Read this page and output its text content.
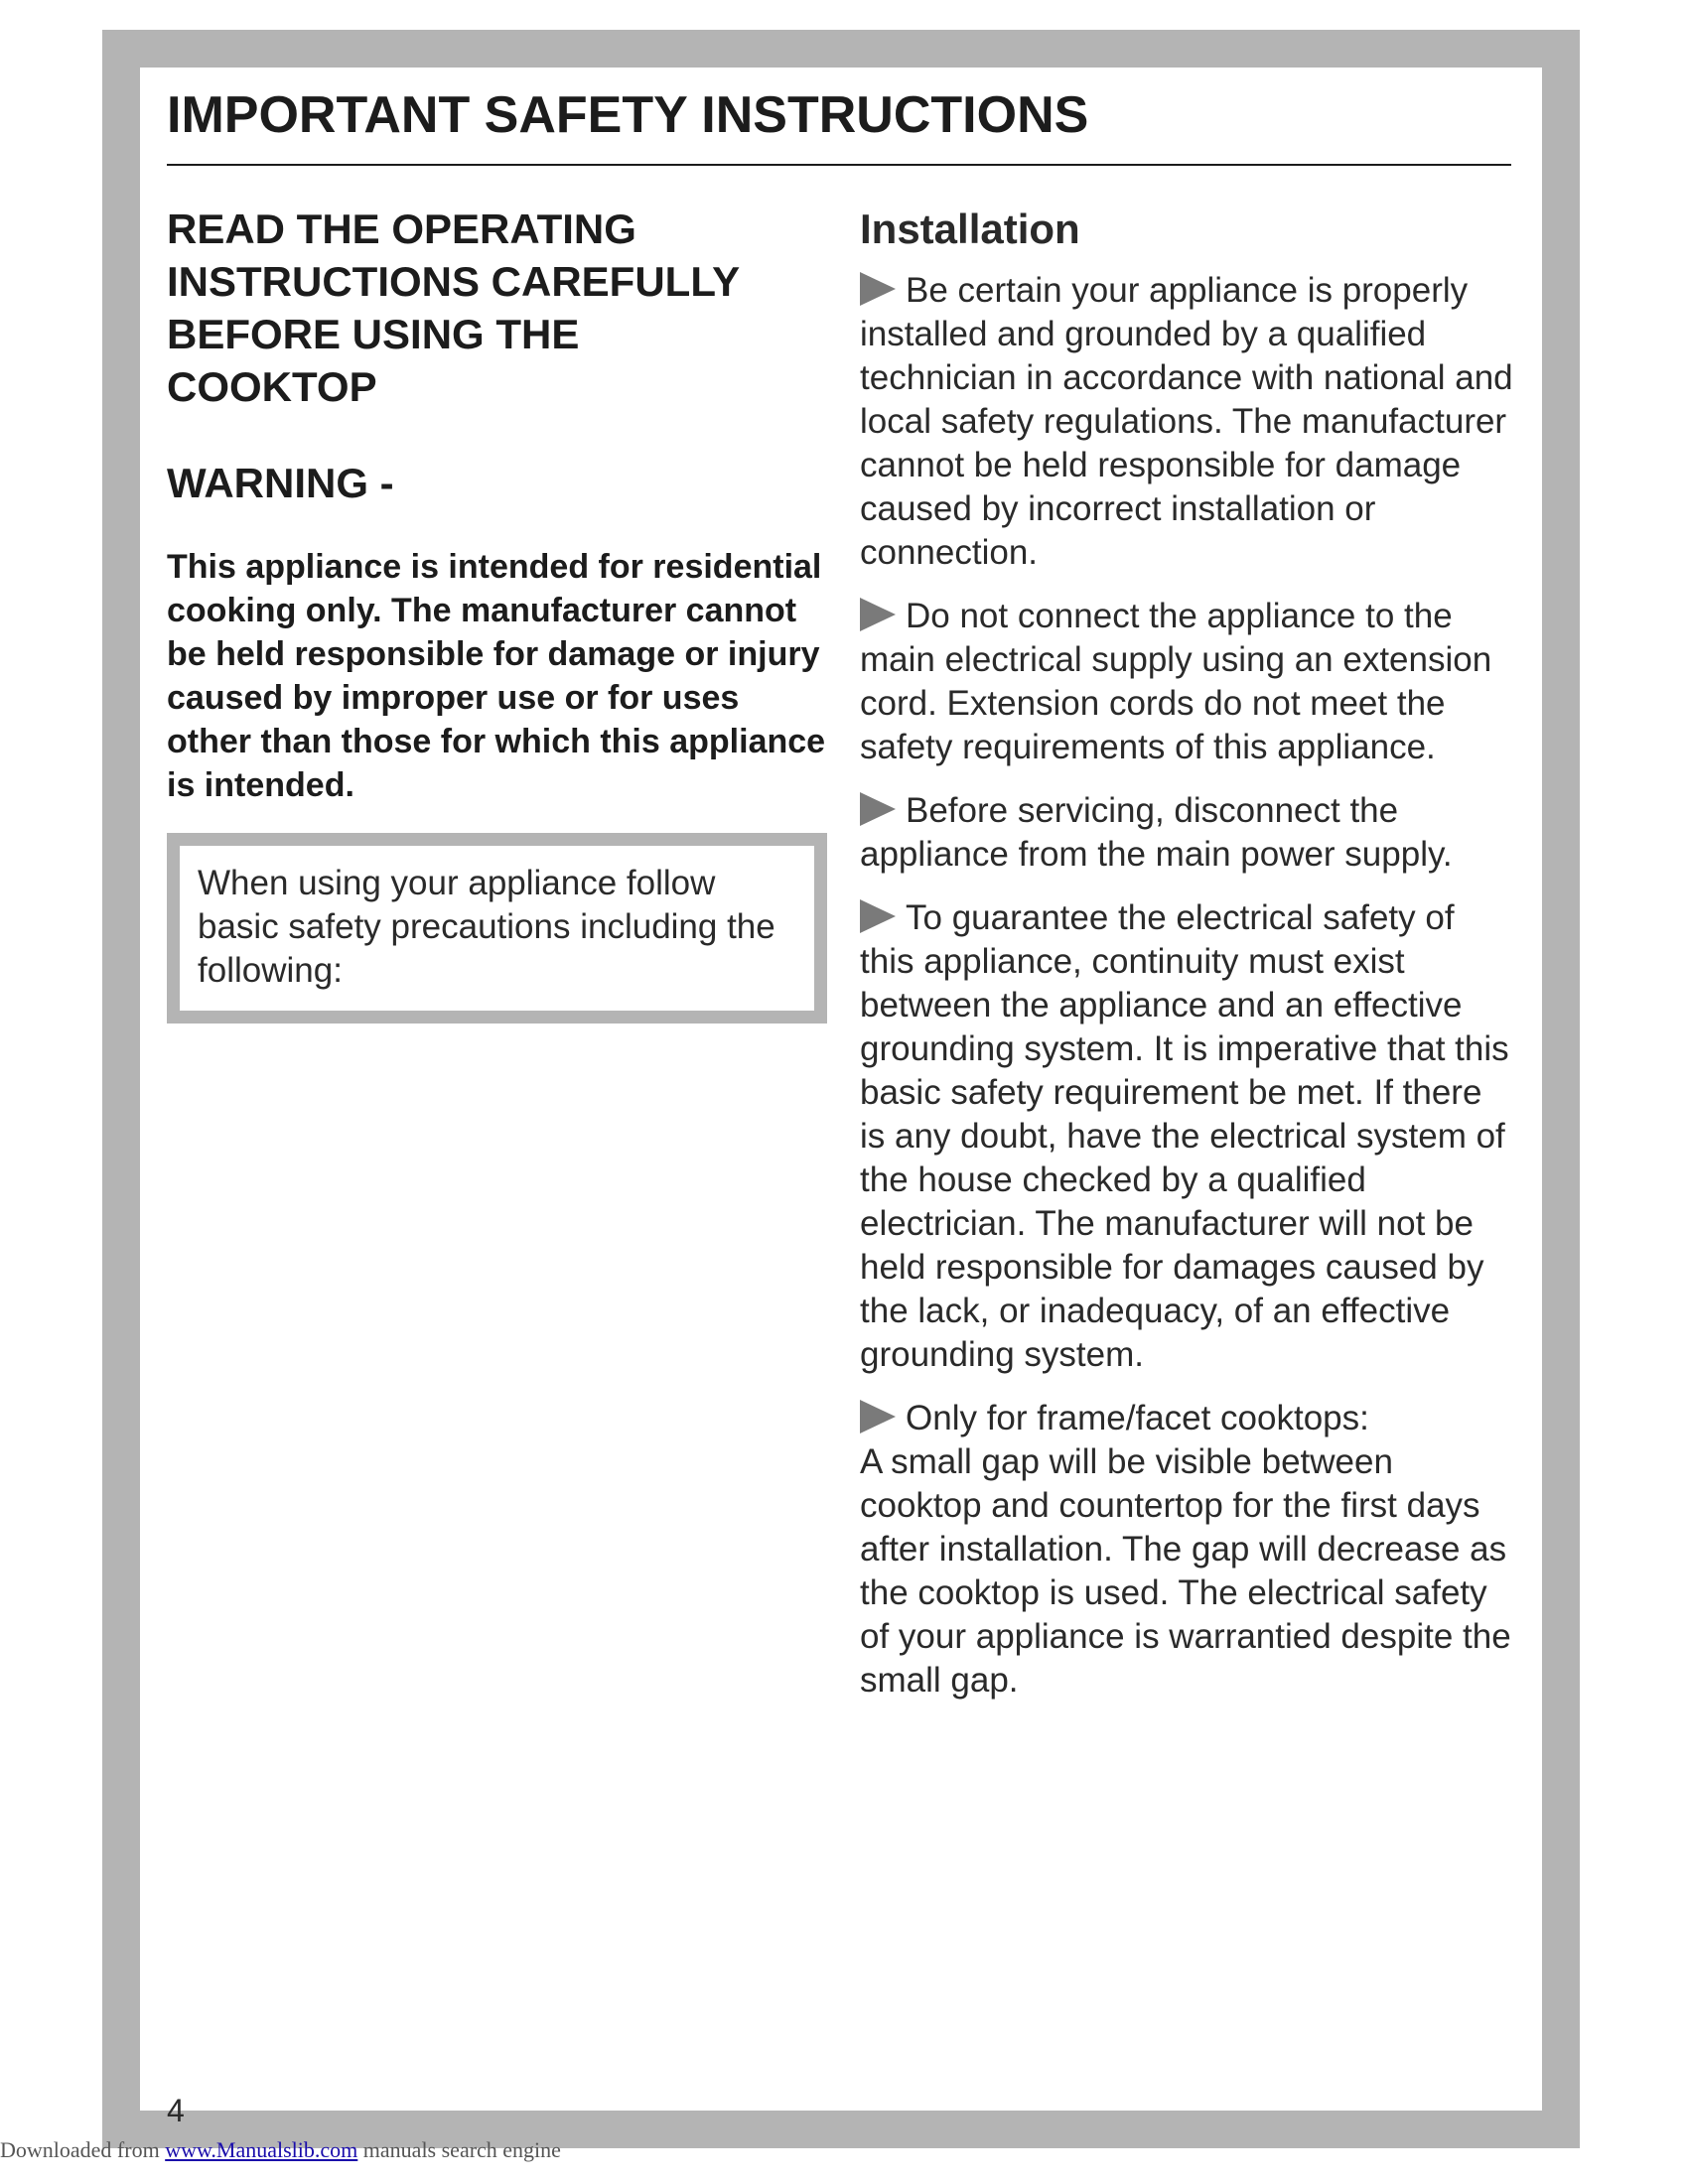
IMPORTANT SAFETY INSTRUCTIONS
READ THE OPERATING
INSTRUCTIONS CAREFULLY
BEFORE USING THE
COOKTOP
WARNING -

This appliance is intended for residential cooking only. The manufacturer cannot be held responsible for damage or injury caused by improper use or for uses other than those for which this appliance is intended.

When using your appliance follow basic safety precautions including the following:
Installation

Be certain your appliance is properly installed and grounded by a qualified technician in accordance with national and local safety regulations. The manufacturer cannot be held responsible for damage caused by incorrect installation or connection.

Do not connect the appliance to the main electrical supply using an extension cord. Extension cords do not meet the safety requirements of this appliance.

Before servicing, disconnect the appliance from the main power supply.

To guarantee the electrical safety of this appliance, continuity must exist between the appliance and an effective grounding system. It is imperative that this basic safety requirement be met. If there is any doubt, have the electrical system of the house checked by a qualified electrician. The manufacturer will not be held responsible for damages caused by the lack, or inadequacy, of an effective grounding system.

Only for frame/facet cooktops:
A small gap will be visible between cooktop and countertop for the first days after installation. The gap will decrease as the cooktop is used. The electrical safety of your appliance is warrantied despite the small gap.

4
Downloaded from www.Manualslib.com manuals search engine
